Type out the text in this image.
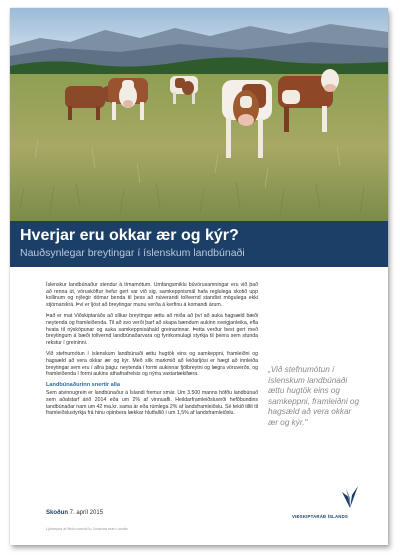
Hverjar eru okkar ær og kýr?
Nauðsynlegar breytingar í íslenskum landbúnaði

Íslenskur landbúnaður stendur á tímamótum. Umfangsmiklu búvörusamningar eru við það að renna út, vörusköftur hefur gert var við sig, samkeppnismál hafa reglulega skotið upp kollinum og nýlegir dómar benda til þess að núverandi tollvernd standist mögulega ekki stjórnarskrá. Því er ljóst að breytingar munu verða á kerfinu á komandi árum.

Það er mat Viðskiptaráðs að slíkar breytingar ættu að miða að því að auka hagsæld bæði neytenda og framleiðenda. Til að svo verði þarf að skapa bændum aukinn sveigjanleika, efla hvata til nýsköpunar og auka samkeppnisáhald greinarinnar. Þetta verður best gert með breytingum á bæði tollvernd landbúnaðarvara og fyrirkomulagi styrkja til þeirra sem stunda rekstur í greininni.

Við stefnumótun í íslenskum landbúnaði ættu hugtök eins og samkeppni, framleiðni og hagsæld að vera okkar ær og kýr. Með slík markmið að leiðarljósi er hægt að innleiða breytingar sem eru í allra þágu: neytenda í formi aukinnar fjölbreytni og lægra vöruverðs, og framleiðenda í formi aukins athafnafrelsis og nýrra vaxtartækifæra.

Landbúnaðurinn snertir alla

Sem atvinnugrein er landbúnaður á Íslandi fremur smár. Um 3.500 manns höfðu landbúnað sem aðalstarf árið 2014 eða um 2% af vinnuafli. Heildarframleiðsluvirði hefðbundins landbúnaðar nam um 42 ma.kr. sama ár eða rúmlega 2% af landsframleiðslu. Sé tekið tillit til framleiðslustyrkja frá hinu opinbera lækkar hlutfallið í um 1,5% af landsframleiðslu.

„Við stefnumótun í íslenskum landbúnaði ættu hugtök eins og samkeppni, framleiðni og hagsæld að vera okkar ær og kýr."
Skoðun 7. apríl 2015
Ljósmynd af flickr.com/síðu Joushua man Landis.
VIÐSKIPTARÁÐ ÍSLANDS
